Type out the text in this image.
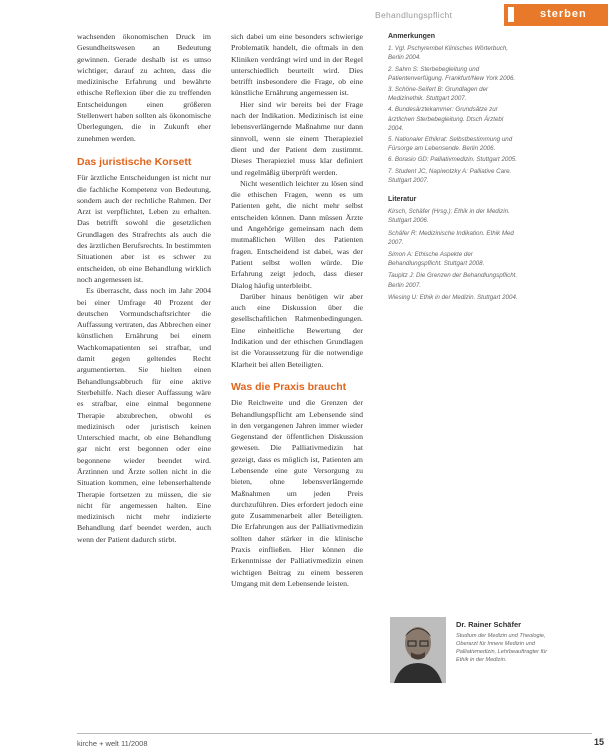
Behandlungspflicht	sterben

wachsenden ökonomischen Druck im Gesundheitswesen an Bedeutung gewinnen. Gerade deshalb ist es umso wichtiger, darauf zu achten, dass die medizinische Erfahrung und bewährte ethische Reflexion über die zu treffenden Entscheidungen einen größeren Stellenwert haben sollten als ökonomische Überlegungen, die in Zukunft eher zunehmen werden.

Das juristische Korsett

Für ärztliche Entscheidungen ist nicht nur die fachliche Kompetenz von Bedeutung, sondern auch der rechtliche Rahmen. Der Arzt ist verpflichtet, Leben zu erhalten. Das betrifft sowohl die gesetzlichen Grundlagen des Strafrechts als auch die des ärztlichen Berufsrechts. In bestimmten Situationen aber ist es schwer zu entscheiden, ob eine Behandlung wirklich noch angemessen ist.

Es überrascht, dass noch im Jahr 2004 bei einer Umfrage 40 Prozent der deutschen Vormundschaftsrichter die Auffassung vertraten, das Abbrechen einer künstlichen Ernährung bei einem Wachkomapatienten sei strafbar, und damit gegen geltendes Recht argumentierten. Sie hielten einen Behandlungsabbruch für eine aktive Sterbehilfe. Nach dieser Auffassung wäre es strafbar, eine einmal begonnene Therapie abzubrechen, obwohl es medizinisch oder juristisch keinen Unterschied macht, ob eine Behandlung gar nicht erst begonnen oder eine begonnene wieder beendet wird. Ärztinnen und Ärzte sollen nicht in die Situation kommen, eine lebenserhaltende Therapie fortsetzen zu müssen, die sie nicht für angemessen halten. Eine medizinisch nicht mehr indizierte Behandlung darf beendet werden, auch wenn der Patient dadurch stirbt.

sich dabei um eine besonders schwierige Problematik handelt, die oftmals in den Kliniken verdrängt wird und in der Regel unterschiedlich beurteilt wird. Dies betrifft insbesondere die Frage, ob eine künstliche Ernährung angemessen ist.

Hier sind wir bereits bei der Frage nach der Indikation. Medizinisch ist eine lebensverlängernde Maßnahme nur dann sinnvoll, wenn sie einem Therapieziel dient und der Patient dem zustimmt. Dieses Therapieziel muss klar definiert und regelmäßig überprüft werden.

Nicht wesentlich leichter zu lösen sind die ethischen Fragen, wenn es um Patienten geht, die nicht mehr selbst entscheiden können. Dann müssen Ärzte und Angehörige gemeinsam nach dem mutmaßlichen Willen des Patienten fragen. Entscheidend ist dabei, was der Patient selbst wollen würde. Die Erfahrung zeigt jedoch, dass dieser Dialog häufig unterbleibt.

Darüber hinaus benötigen wir aber auch eine Diskussion über die gesellschaftlichen Rahmenbedingungen. Eine einheitliche Bewertung der Indikation und der ethischen Grundlagen ist die Voraussetzung für die notwendige Klarheit bei allen Beteiligten.

Was die Praxis braucht

Die Reichweite und die Grenzen der Behandlungspflicht am Lebensende sind in den vergangenen Jahren immer wieder Gegenstand der öffentlichen Diskussion gewesen. Die Palliativmedizin hat gezeigt, dass es möglich ist, Patienten am Lebensende eine gute Versorgung zu bieten, ohne lebensverlängernde Maßnahmen um jeden Preis durchzuführen. Dies erfordert jedoch eine gute Zusammenarbeit aller Beteiligten. Die Erfahrungen aus der Palliativmedizin sollten daher stärker in die klinische Praxis einfließen. Hier können die Erkenntnisse der Palliativmedizin einen wichtigen Beitrag zu einem besseren Umgang mit dem Lebensende leisten.

Anmerkungen
1. Vgl. Pschyrembel Klinisches Wörterbuch, Berlin 2004.
2. Sahm S: Sterbebegleitung und Patientenverfügung. Frankfurt/New York 2006.
3. Schöne-Seifert B: Grundlagen der Medizinethik. Stuttgart 2007.
4. Bundesärztekammer: Grundsätze zur ärztlichen Sterbebegleitung. Dtsch Ärztebl 2004.
5. Nationaler Ethikrat: Selbstbestimmung und Fürsorge am Lebensende. Berlin 2006.
6. Borasio GD: Palliativmedizin. Stuttgart 2005.
7. Student JC, Napiwotzky A: Palliative Care. Stuttgart 2007.
Literatur

Kirsch, Schäfer (Hrsg.): Ethik in der Medizin. Stuttgart 2006.

Schäfer R: Medizinische Indikation. Ethik Med 2007.

Simon A: Ethische Aspekte der Behandlungspflicht. Stuttgart 2008.

Taupitz J: Die Grenzen der Behandlungspflicht. Berlin 2007.

Wiesing U: Ethik in der Medizin. Stuttgart 2004.

Dr. Rainer Schäfer
Studium der Medizin und Theologie, Oberarzt für Innere Medizin und Palliativmedizin, Lehrbeauftragter für Ethik in der Medizin.
kirche + welt 11/2008	15
